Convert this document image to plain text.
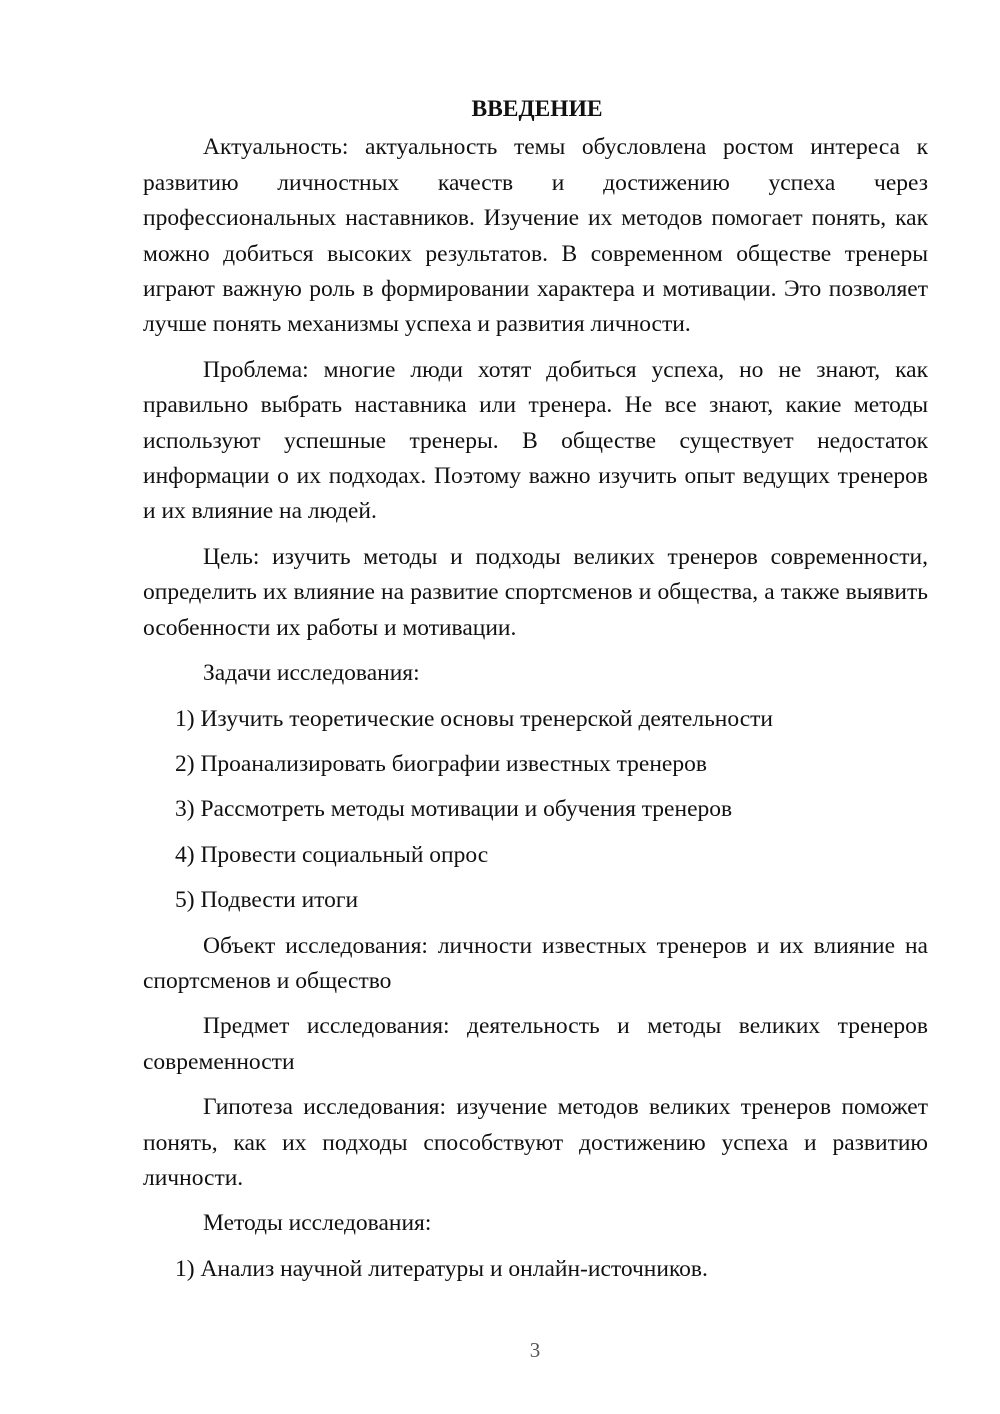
ВВЕДЕНИЕ

Актуальность: актуальность темы обусловлена ростом интереса к развитию личностных качеств и достижению успеха через профессиональных наставников. Изучение их методов помогает понять, как можно добиться высоких результатов. В современном обществе тренеры играют важную роль в формировании характера и мотивации. Это позволяет лучше понять механизмы успеха и развития личности.

Проблема: многие люди хотят добиться успеха, но не знают, как правильно выбрать наставника или тренера. Не все знают, какие методы используют успешные тренеры. В обществе существует недостаток информации о их подходах. Поэтому важно изучить опыт ведущих тренеров и их влияние на людей.

Цель: изучить методы и подходы великих тренеров современности, определить их влияние на развитие спортсменов и общества, а также выявить особенности их работы и мотивации.

Задачи исследования:

1) Изучить теоретические основы тренерской деятельности
2) Проанализировать биографии известных тренеров
3) Рассмотреть методы мотивации и обучения тренеров
4) Провести социальный опрос
5) Подвести итоги

Объект исследования: личности известных тренеров и их влияние на спортсменов и общество

Предмет исследования: деятельность и методы великих тренеров современности

Гипотеза исследования: изучение методов великих тренеров поможет понять, как их подходы способствуют достижению успеха и развитию личности.

Методы исследования:

1) Анализ научной литературы и онлайн-источников.
3
